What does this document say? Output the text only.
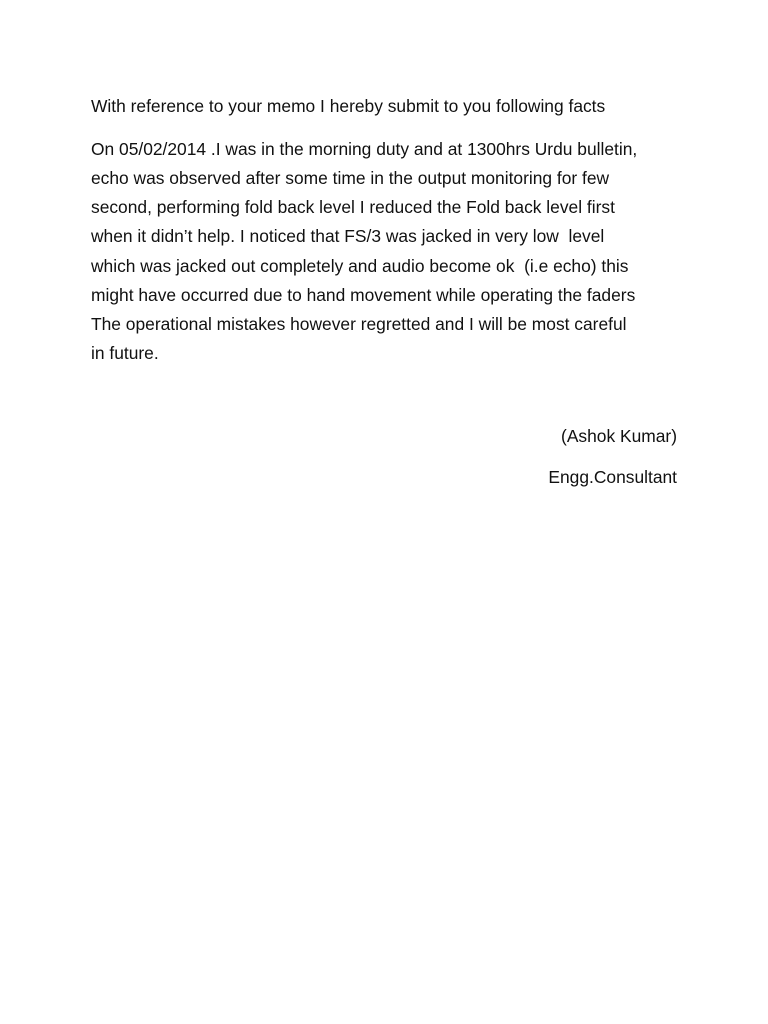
With reference to your memo I hereby submit to you following facts

On 05/02/2014 .I was in the morning duty and at 1300hrs Urdu bulletin,

echo was observed after some time in the output monitoring for few

second, performing fold back level I reduced the Fold back level first

when it didn’t help. I noticed that FS/3 was jacked in very low  level

which was jacked out completely and audio become ok  (i.e echo) this

might have occurred due to hand movement while operating the faders

The operational mistakes however regretted and I will be most careful

in future.

(Ashok Kumar)

Engg.Consultant
